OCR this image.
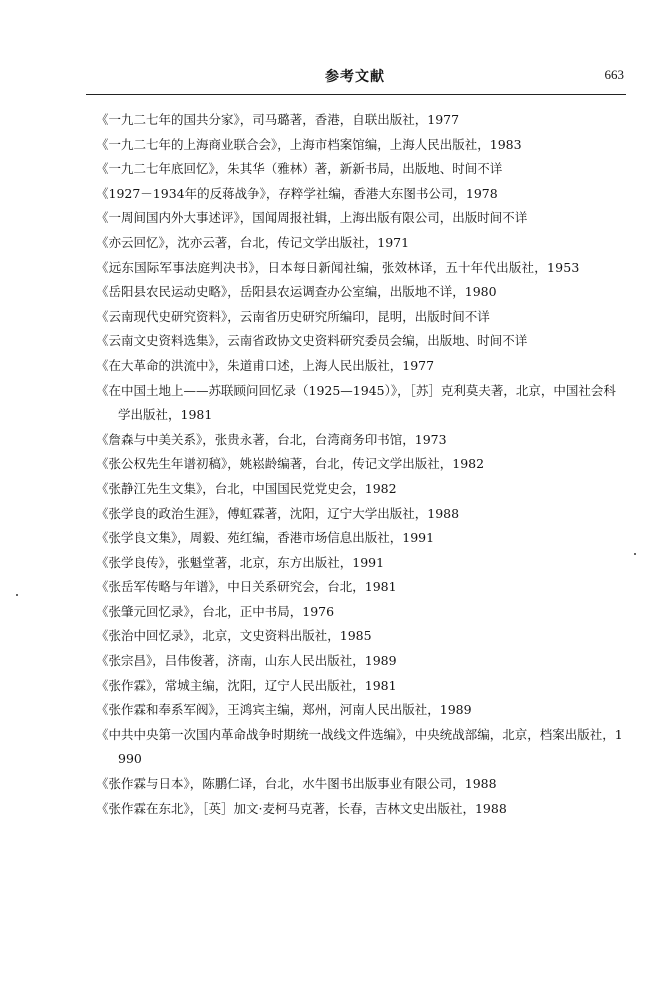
参考文献	663
《一九二七年的国共分家》，司马璐著，香港，自联出版社，1977
《一九二七年的上海商业联合会》，上海市档案馆编，上海人民出版社，1983
《一九二七年底回忆》，朱其华（雅林）著，新新书局，出版地、时间不详
《1927－1934年的反蒋战争》，存粹学社编，香港大东图书公司，1978
《一周间国内外大事述评》，国闻周报社辑，上海出版有限公司，出版时间不详
《亦云回忆》，沈亦云著，台北，传记文学出版社，1971
《远东国际军事法庭判决书》，日本每日新闻社编，张效林译，五十年代出版社，1953
《岳阳县农民运动史略》，岳阳县农运调查办公室编，出版地不详，1980
《云南现代史研究资料》，云南省历史研究所编印，昆明，出版时间不详
《云南文史资料选集》，云南省政协文史资料研究委员会编，出版地、时间不详
《在大革命的洪流中》，朱道甫口述，上海人民出版社，1977
《在中国土地上——苏联顾问回忆录（1925—1945）》，［苏］克利莫夫著，北京，中国社会科学出版社，1981
《詹森与中美关系》，张贵永著，台北，台湾商务印书馆，1973
《张公权先生年谱初稿》，姚崧龄编著，台北，传记文学出版社，1982
《张静江先生文集》，台北，中国国民党党史会，1982
《张学良的政治生涯》，傅虹霖著，沈阳，辽宁大学出版社，1988
《张学良文集》，周毅、苑红编，香港市场信息出版社，1991
《张学良传》，张魁堂著，北京，东方出版社，1991
《张岳军传略与年谱》，中日关系研究会，台北，1981
《张肇元回忆录》，台北，正中书局，1976
《张治中回忆录》，北京，文史资料出版社，1985
《张宗昌》，吕伟俊著，济南，山东人民出版社，1989
《张作霖》，常城主编，沈阳，辽宁人民出版社，1981
《张作霖和奉系军阀》，王鸿宾主编，郑州，河南人民出版社，1989
《中共中央第一次国内革命战争时期统一战线文件选编》，中央统战部编，北京，档案出版社，1990
《张作霖与日本》，陈鹏仁译，台北，水牛图书出版事业有限公司，1988
《张作霖在东北》，［英］加文·麦柯马克著，长春，吉林文史出版社，1988
